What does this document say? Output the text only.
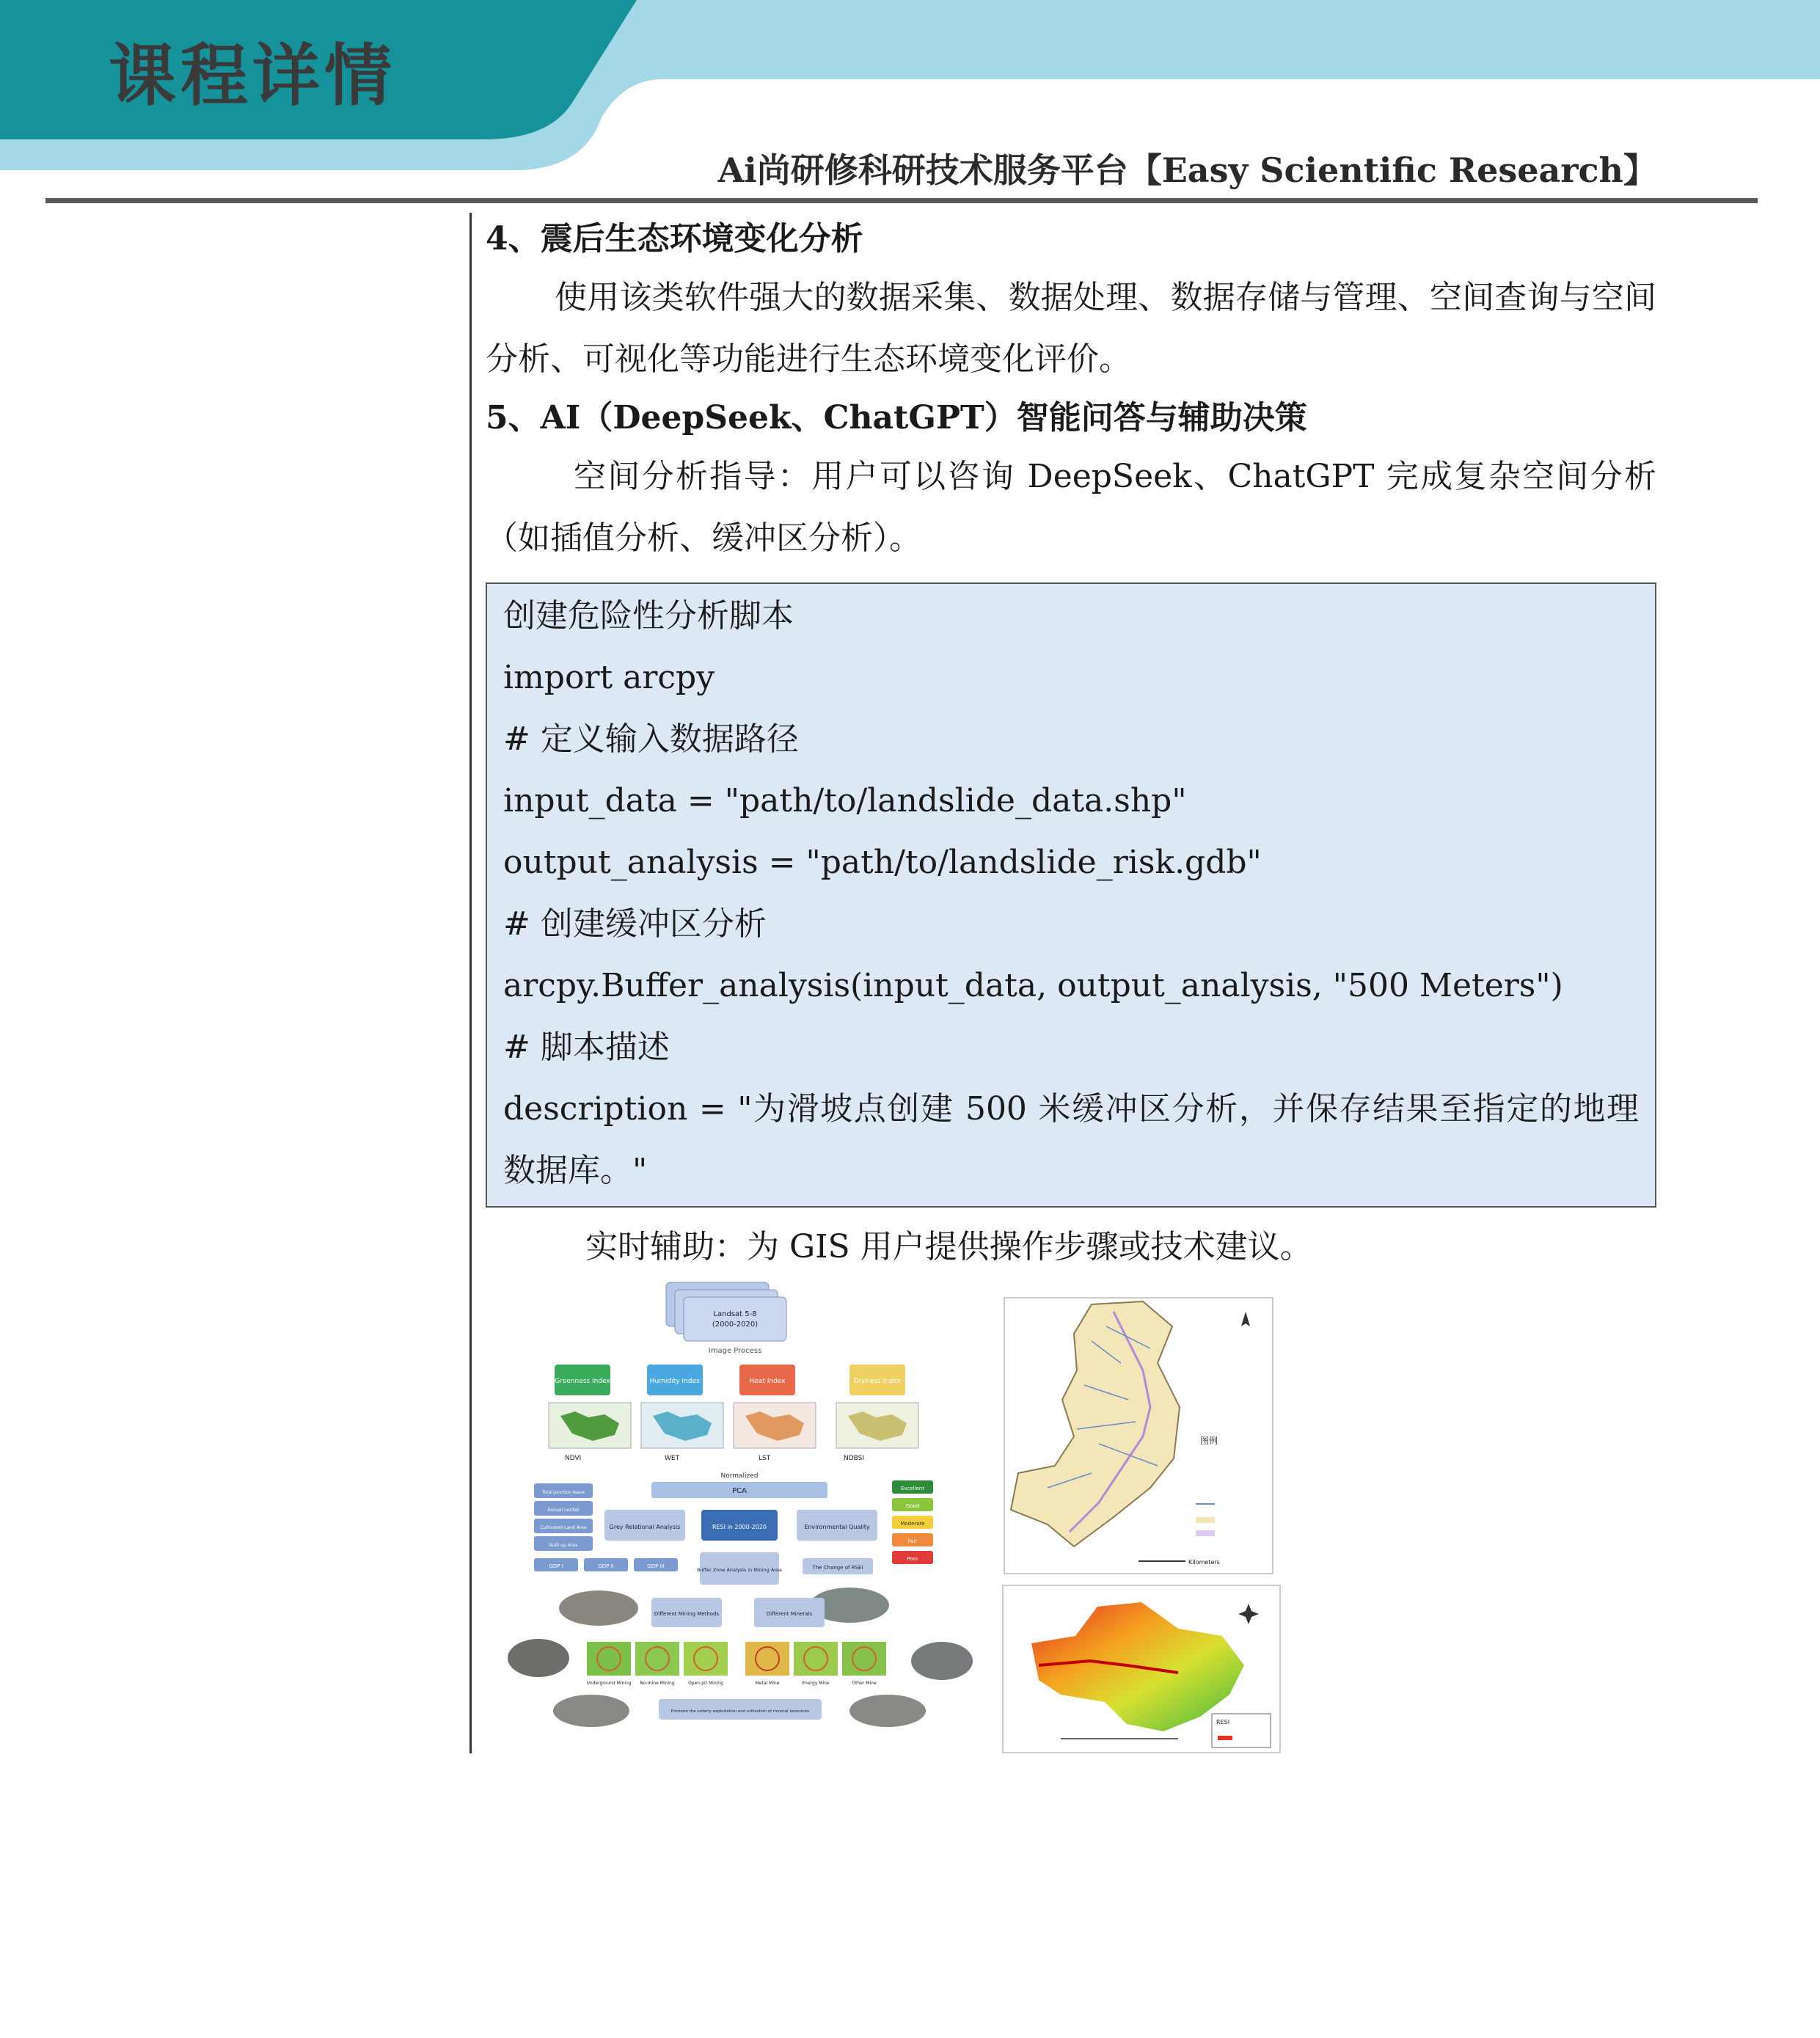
课程详情

Ai尚研修科研技术服务平台【Easy Scientific Research】

4、震后生态环境变化分析

使用该类软件强大的数据采集、数据处理、数据存储与管理、空间查询与空间分析、可视化等功能进行生态环境变化评价。

5、AI（DeepSeek、ChatGPT）智能问答与辅助决策

空间分析指导：用户可以咨询 DeepSeek、ChatGPT 完成复杂空间分析（如插值分析、缓冲区分析）。

创建危险性分析脚本

import arcpy

# 定义输入数据路径

input_data = "path/to/landslide_data.shp"

output_analysis = "path/to/landslide_risk.gdb"

# 创建缓冲区分析

arcpy.Buffer_analysis(input_data, output_analysis, "500 Meters")

# 脚本描述

description = "为滑坡点创建 500 米缓冲区分析，并保存结果至指定的地理数据库。"

实时辅助：为 GIS 用户提供操作步骤或技术建议。

Landsat 5-8
(2000-2020)
Image Process
Greenness Index	Humidity Index	Heat Index	Dryness Index
NDVI	WET	LST	NDBSI
Normalized
PCA
Total junction leave
Annual rainfall
Cultivated Land Area
Built-up Area
GDP I	GDP II	GDP III
Grey Relational Analysis	RESI in 2000-2020	Environmental Quality
Excellent
Good
Moderate
Fair
Poor
Buffer Zone Analysis in Mining Area	The Change of RSEI
Different Mining Methods	Different Minerals
Underground Mining No-mine Mining	Open-pit Mining	Metal Mine	Energy Mine	Other Mine
Promote the orderly exploitation and utilization of mineral resources
图例
Kilometers
RESI
